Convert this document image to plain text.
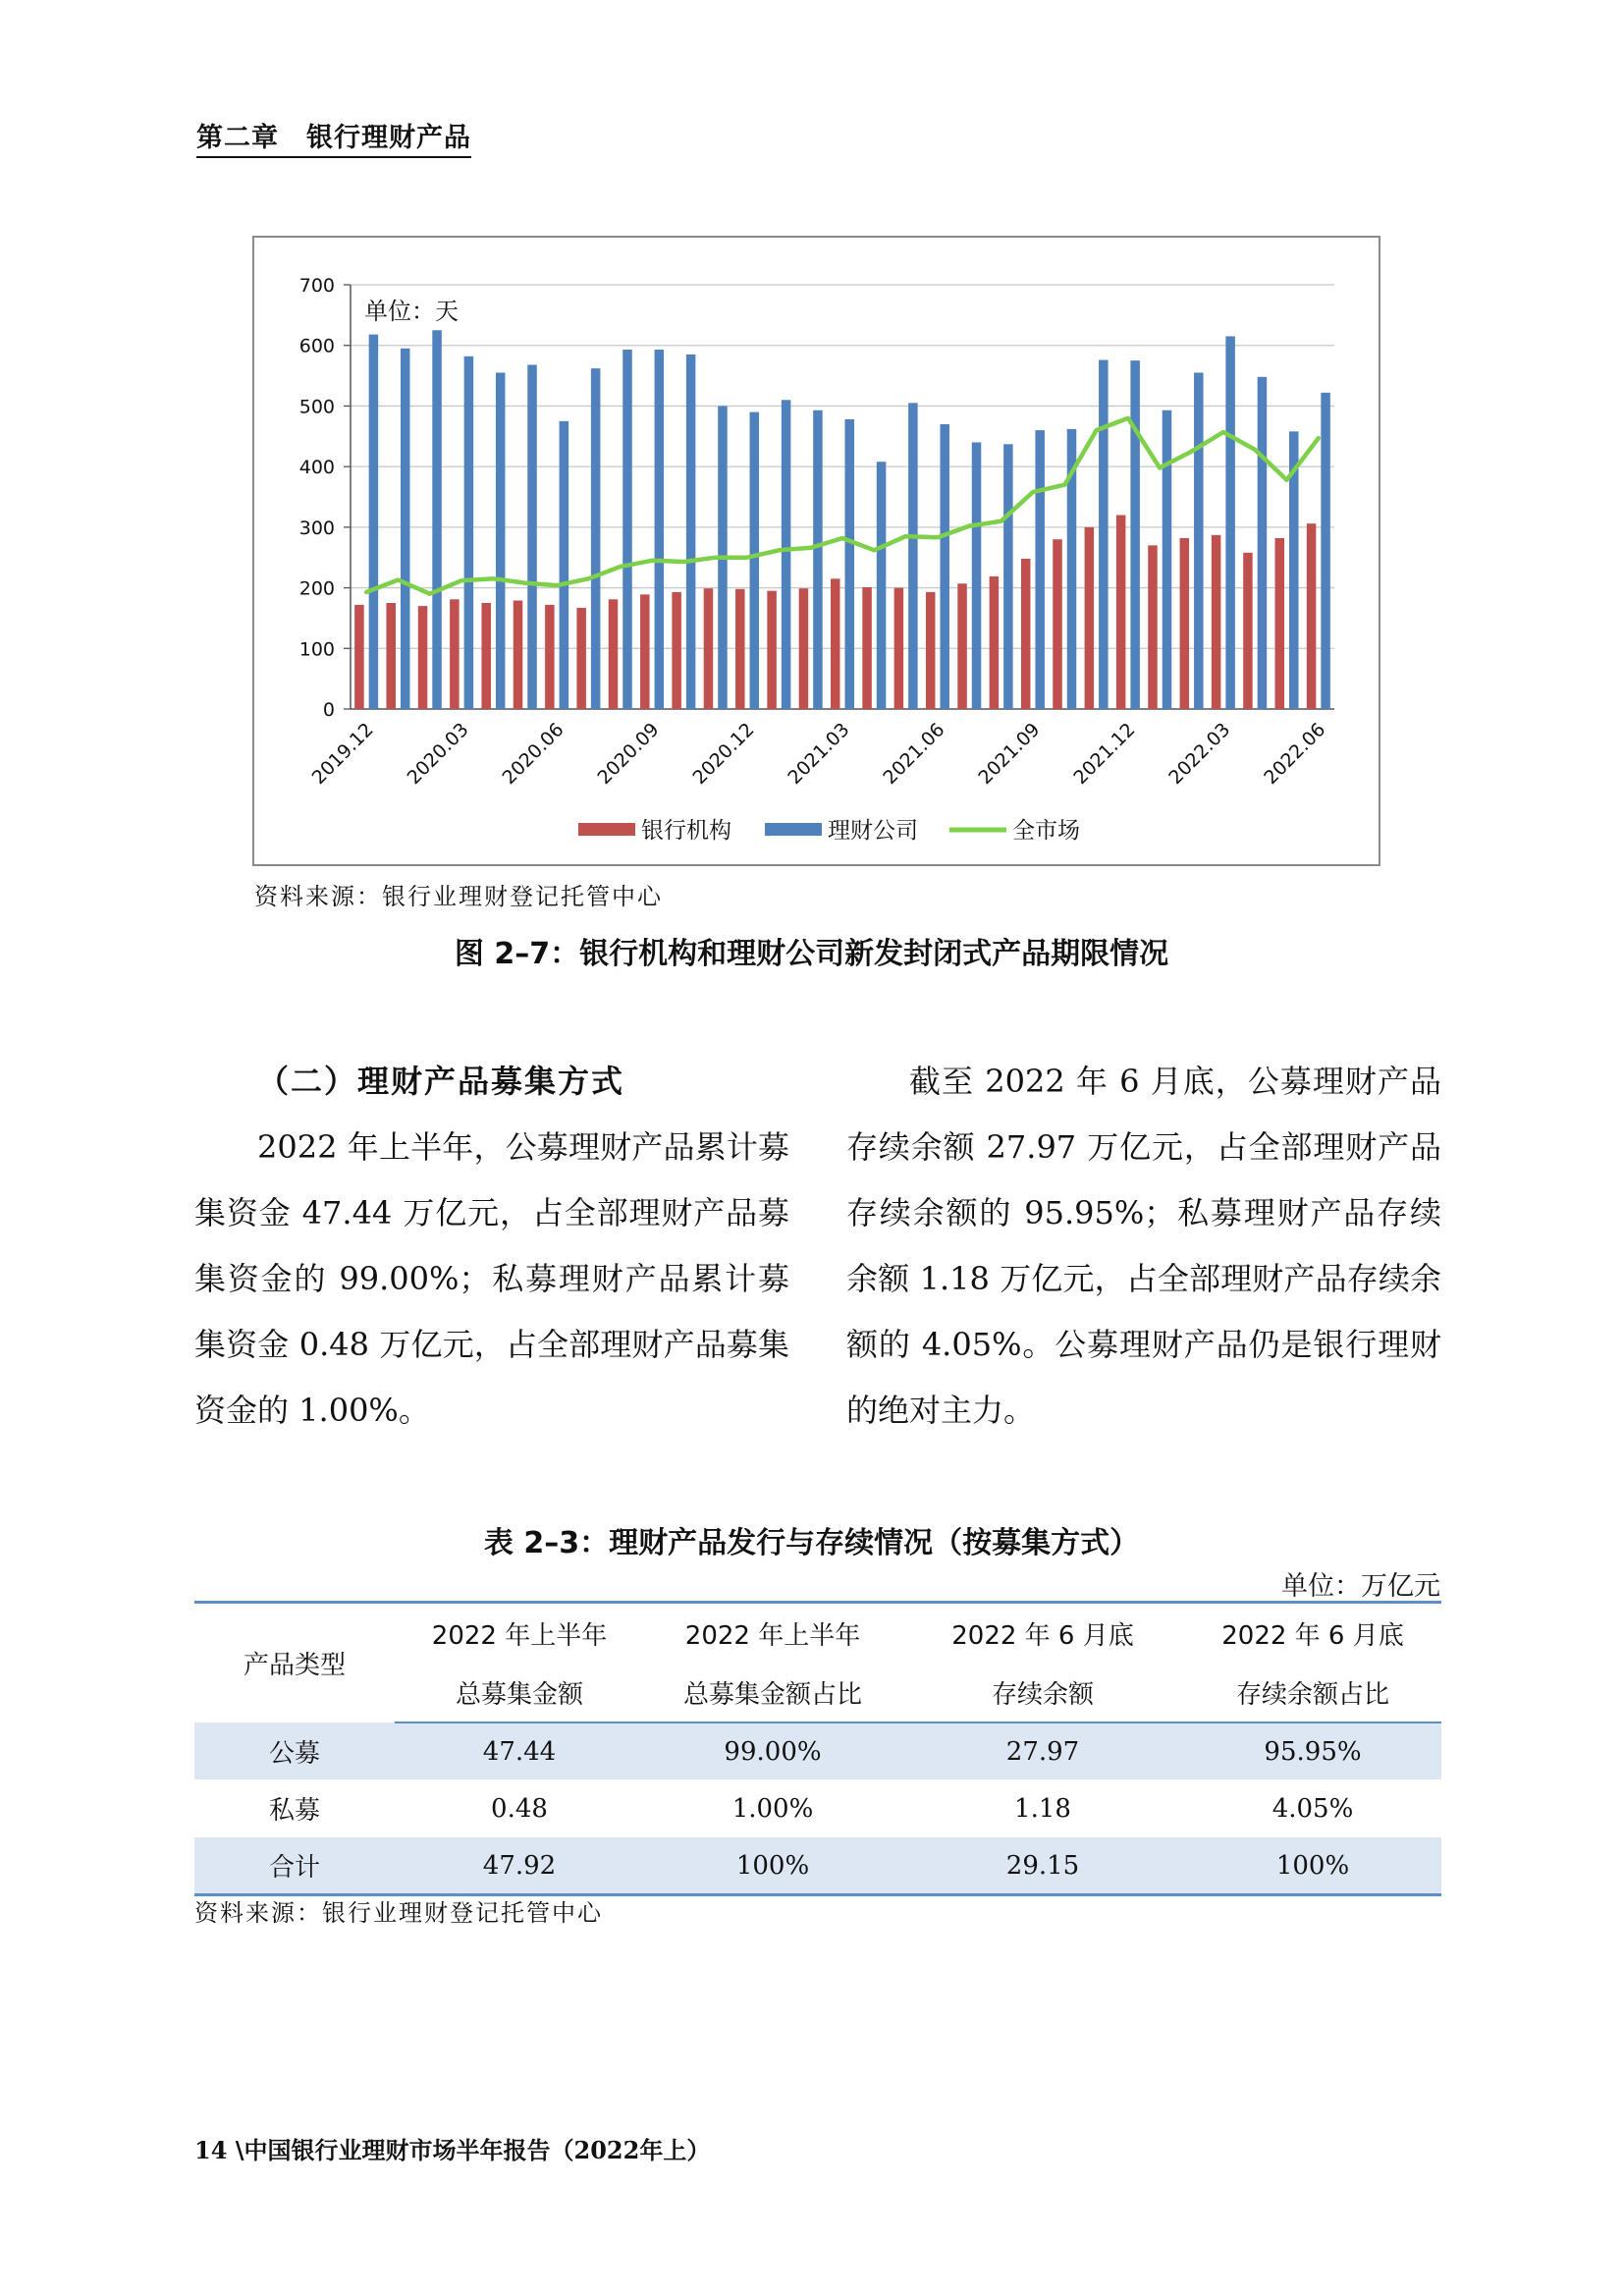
第二章　银行理财产品
0
100
200
300
400
500
600
700
单位：天
2019.12 2020.03 2020.06 2020.09 2020.12 2021.03 2021.06 2021.09 2021.12 2022.03 2022.06
银行机构	理财公司	全市场
资料来源：银行业理财登记托管中心
图 2–7：银行机构和理财公司新发封闭式产品期限情况

（二）理财产品募集方式

2022 年上半年，公募理财产品累计募集资金 47.44 万亿元，占全部理财产品募集资金的 99.00%；私募理财产品累计募集资金 0.48 万亿元，占全部理财产品募集资金的 1.00%。

截至 2022 年 6 月底，公募理财产品存续余额 27.97 万亿元，占全部理财产品存续余额的 95.95%；私募理财产品存续余额 1.18 万亿元，占全部理财产品存续余额的 4.05%。公募理财产品仍是银行理财的绝对主力。

表 2–3：理财产品发行与存续情况（按募集方式）
单位：万亿元
产品类型	2022 年上半年	2022 年上半年	2022 年 6 月底	2022 年 6 月底
	总募集金额	总募集金额占比	存续余额	存续余额占比
公募	47.44	99.00%	27.97	95.95%
私募	0.48	1.00%	1.18	4.05%
合计	47.92	100%	29.15	100%
资料来源：银行业理财登记托管中心
14 \中国银行业理财市场半年报告（2022年上）
